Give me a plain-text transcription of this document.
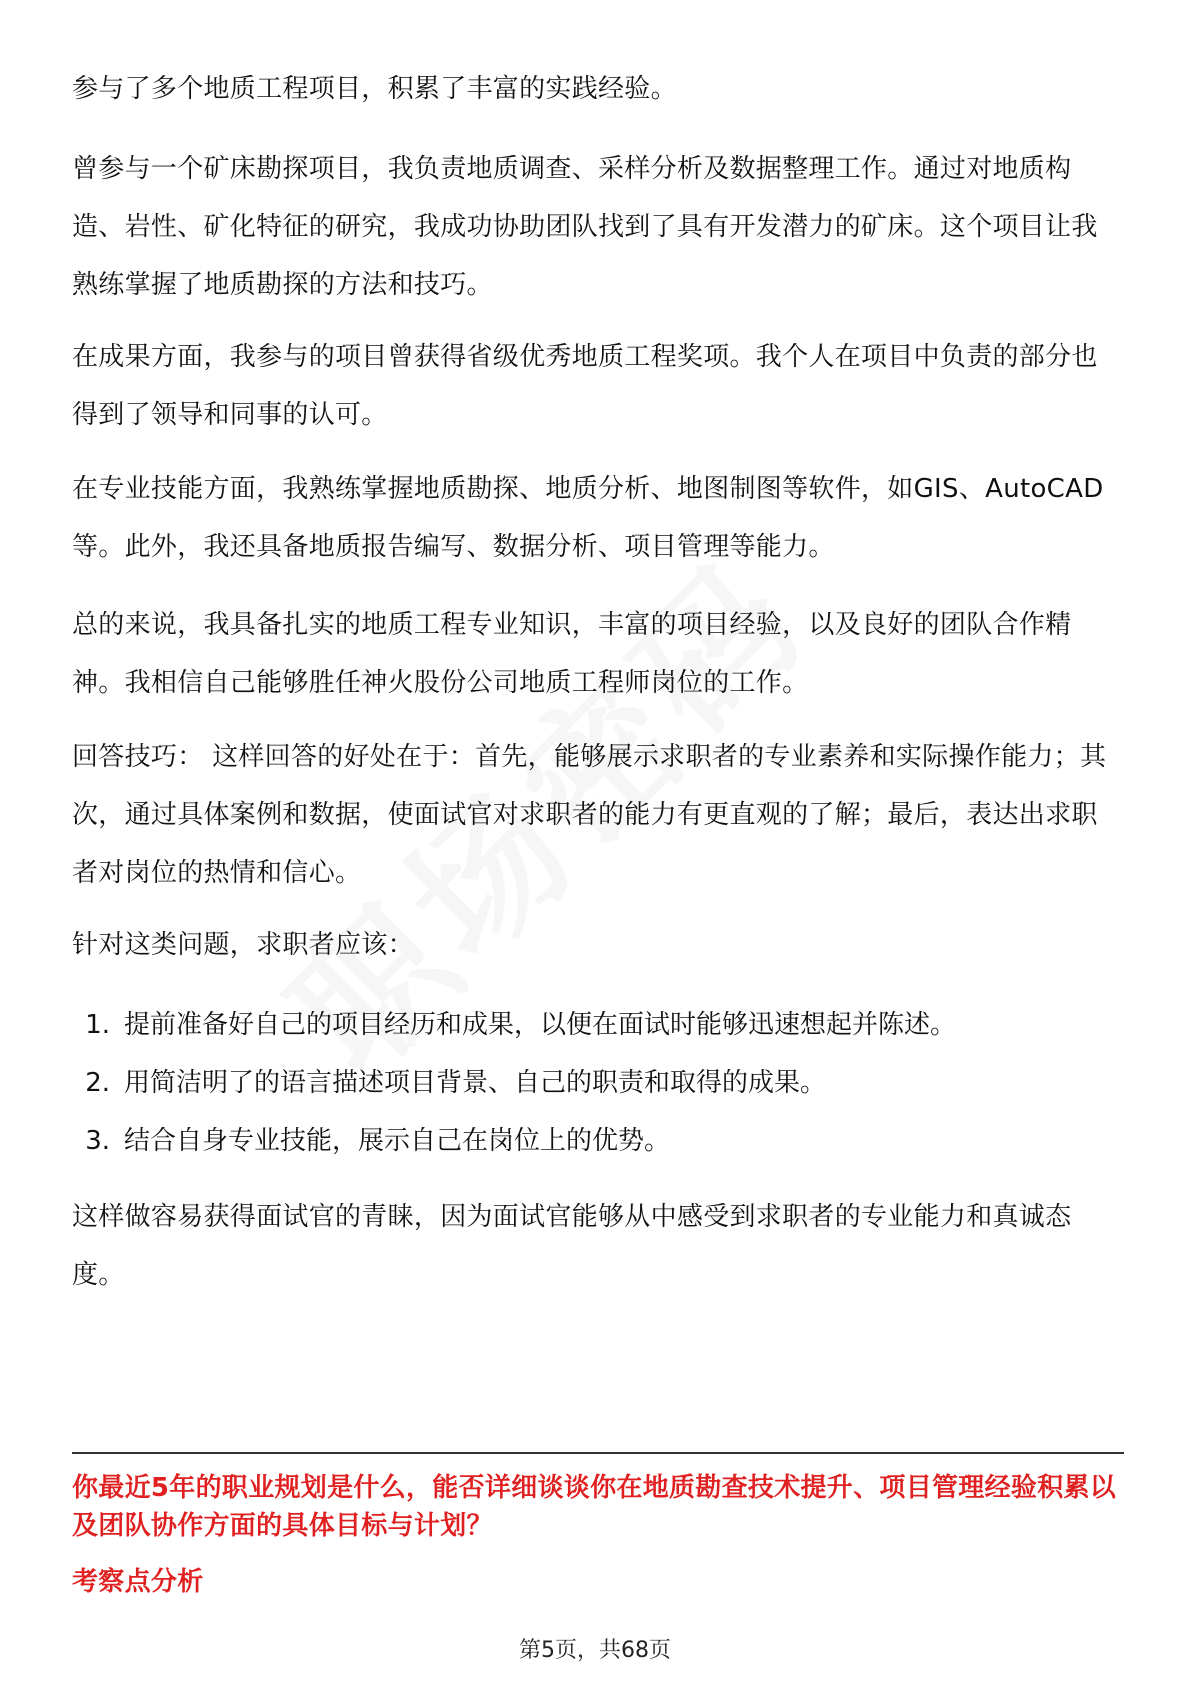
参与了多个地质工程项目，积累了丰富的实践经验。

曾参与一个矿床勘探项目，我负责地质调查、采样分析及数据整理工作。通过对地质构造、岩性、矿化特征的研究，我成功协助团队找到了具有开发潜力的矿床。这个项目让我熟练掌握了地质勘探的方法和技巧。

在成果方面，我参与的项目曾获得省级优秀地质工程奖项。我个人在项目中负责的部分也得到了领导和同事的认可。

在专业技能方面，我熟练掌握地质勘探、地质分析、地图制图等软件，如GIS、AutoCAD等。此外，我还具备地质报告编写、数据分析、项目管理等能力。

总的来说，我具备扎实的地质工程专业知识，丰富的项目经验，以及良好的团队合作精神。我相信自己能够胜任神火股份公司地质工程师岗位的工作。

回答技巧： 这样回答的好处在于：首先，能够展示求职者的专业素养和实际操作能力；其次，通过具体案例和数据，使面试官对求职者的能力有更直观的了解；最后，表达出求职者对岗位的热情和信心。

针对这类问题，求职者应该：

1. 提前准备好自己的项目经历和成果，以便在面试时能够迅速想起并陈述。
2. 用简洁明了的语言描述项目背景、自己的职责和取得的成果。
3. 结合自身专业技能，展示自己在岗位上的优势。

这样做容易获得面试官的青睐，因为面试官能够从中感受到求职者的专业能力和真诚态度。

你最近5年的职业规划是什么，能否详细谈谈你在地质勘查技术提升、项目管理经验积累以及团队协作方面的具体目标与计划？

考察点分析

第5页，共68页
